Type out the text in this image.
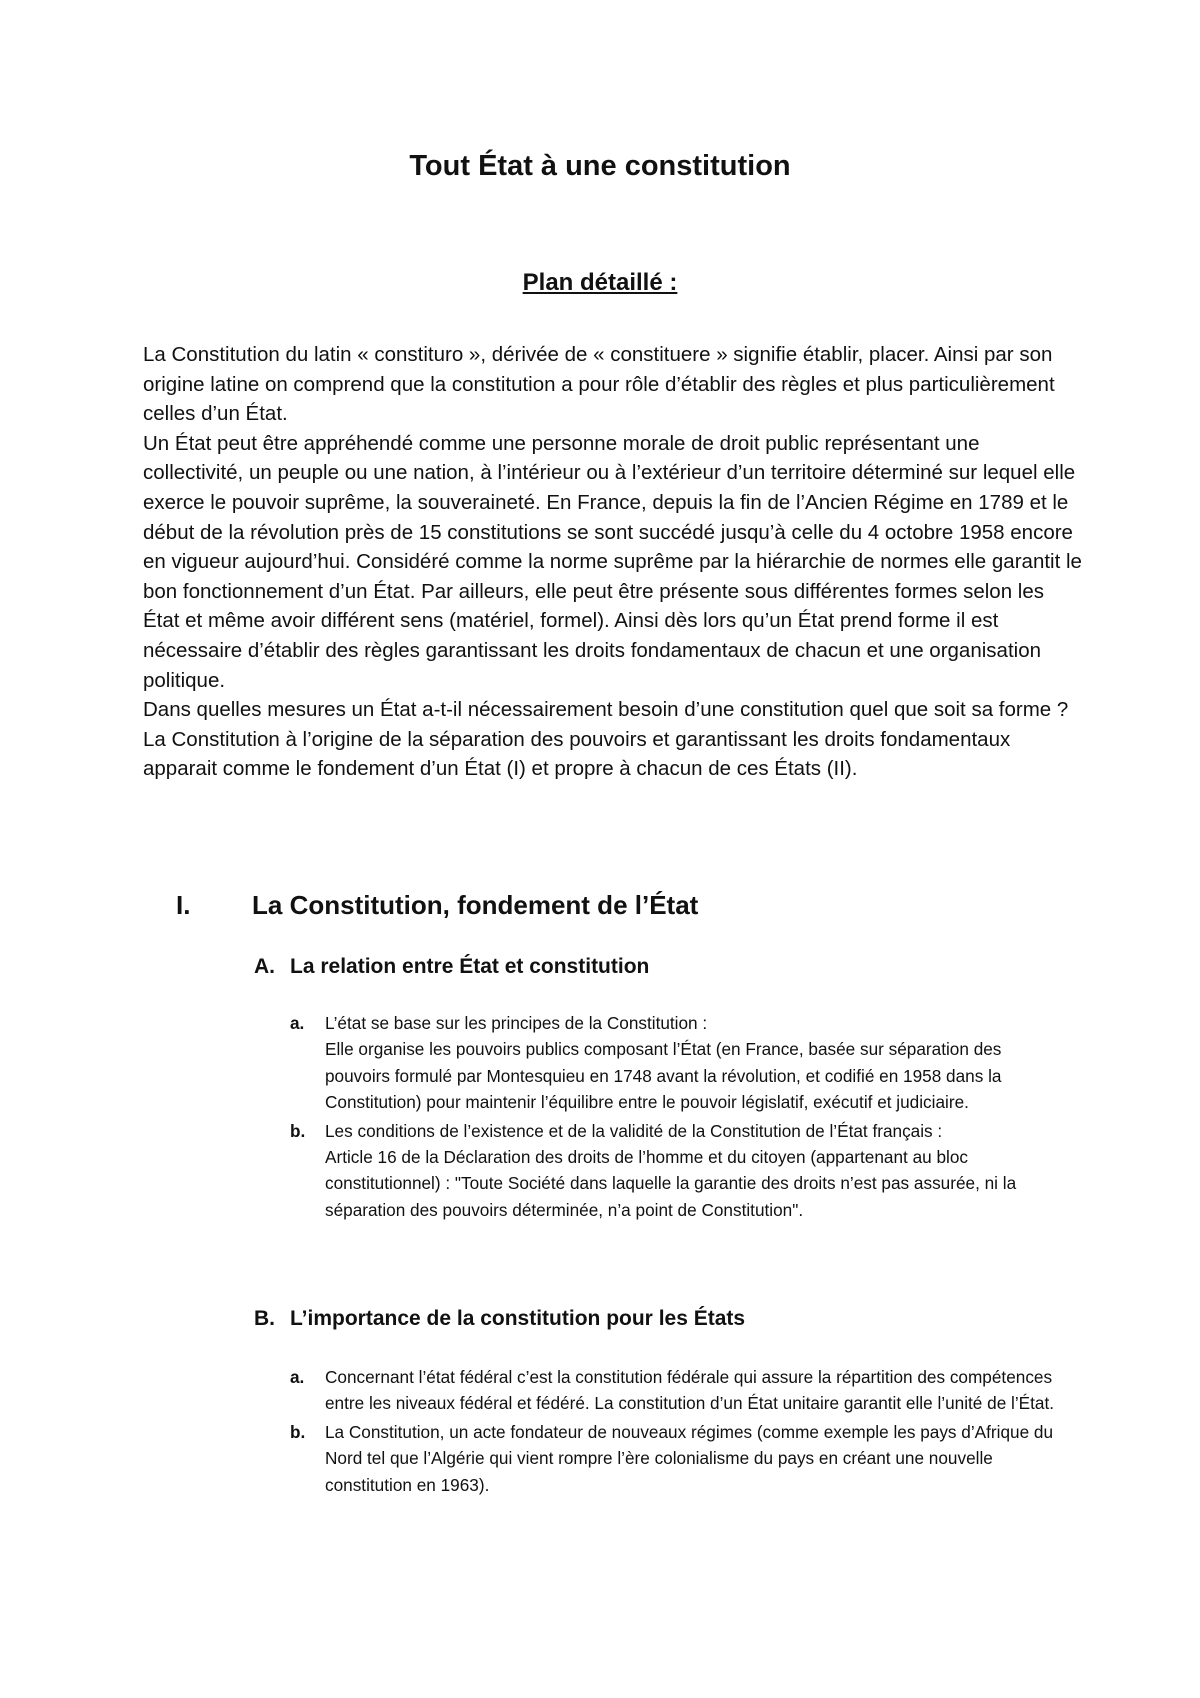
Tout État à une constitution
Plan détaillé :

La Constitution du latin « constituro », dérivée de « constituere » signifie établir, placer. Ainsi par son origine latine on comprend que la constitution a pour rôle d’établir des règles et plus particulièrement celles d’un État.

Un État peut être appréhendé comme une personne morale de droit public représentant une collectivité, un peuple ou une nation, à l’intérieur ou à l’extérieur d’un territoire déterminé sur lequel elle exerce le pouvoir suprême, la souveraineté. En France, depuis la fin de l’Ancien Régime en 1789 et le début de la révolution près de 15 constitutions se sont succédé jusqu’à celle du 4 octobre 1958 encore en vigueur aujourd’hui. Considéré comme la norme suprême par la hiérarchie de normes elle garantit le bon fonctionnement d’un État. Par ailleurs, elle peut être présente sous différentes formes selon les État et même avoir différent sens (matériel, formel). Ainsi dès lors qu’un État prend forme il est nécessaire d’établir des règles garantissant les droits fondamentaux de chacun et une organisation politique.

Dans quelles mesures un État a-t-il nécessairement besoin d’une constitution quel que soit sa forme ?

La Constitution à l’origine de la séparation des pouvoirs et garantissant les droits fondamentaux apparait comme le fondement d’un État (I) et propre à chacun de ces États (II).

I.	La Constitution, fondement de l’État
A. La relation entre État et constitution
a.	L’état se base sur les principes de la Constitution :

Elle organise les pouvoirs publics composant l’État (en France, basée sur séparation des pouvoirs formulé par Montesquieu en 1748 avant la révolution, et codifié en 1958 dans la Constitution) pour maintenir l’équilibre entre le pouvoir législatif, exécutif et judiciaire.

b.	Les conditions de l’existence et de la validité de la Constitution de l’État français :

Article 16 de la Déclaration des droits de l’homme et du citoyen (appartenant au bloc constitutionnel) : "Toute Société dans laquelle la garantie des droits n’est pas assurée, ni la séparation des pouvoirs déterminée, n’a point de Constitution".

B. L’importance de la constitution pour les États
a.	Concernant l’état fédéral c’est la constitution fédérale qui assure la répartition des compétences entre les niveaux fédéral et fédéré. La constitution d’un État unitaire garantit elle l’unité de l’État.

b.	La Constitution, un acte fondateur de nouveaux régimes (comme exemple les pays d’Afrique du Nord tel que l’Algérie qui vient rompre l’ère colonialisme du pays en créant une nouvelle constitution en 1963).
